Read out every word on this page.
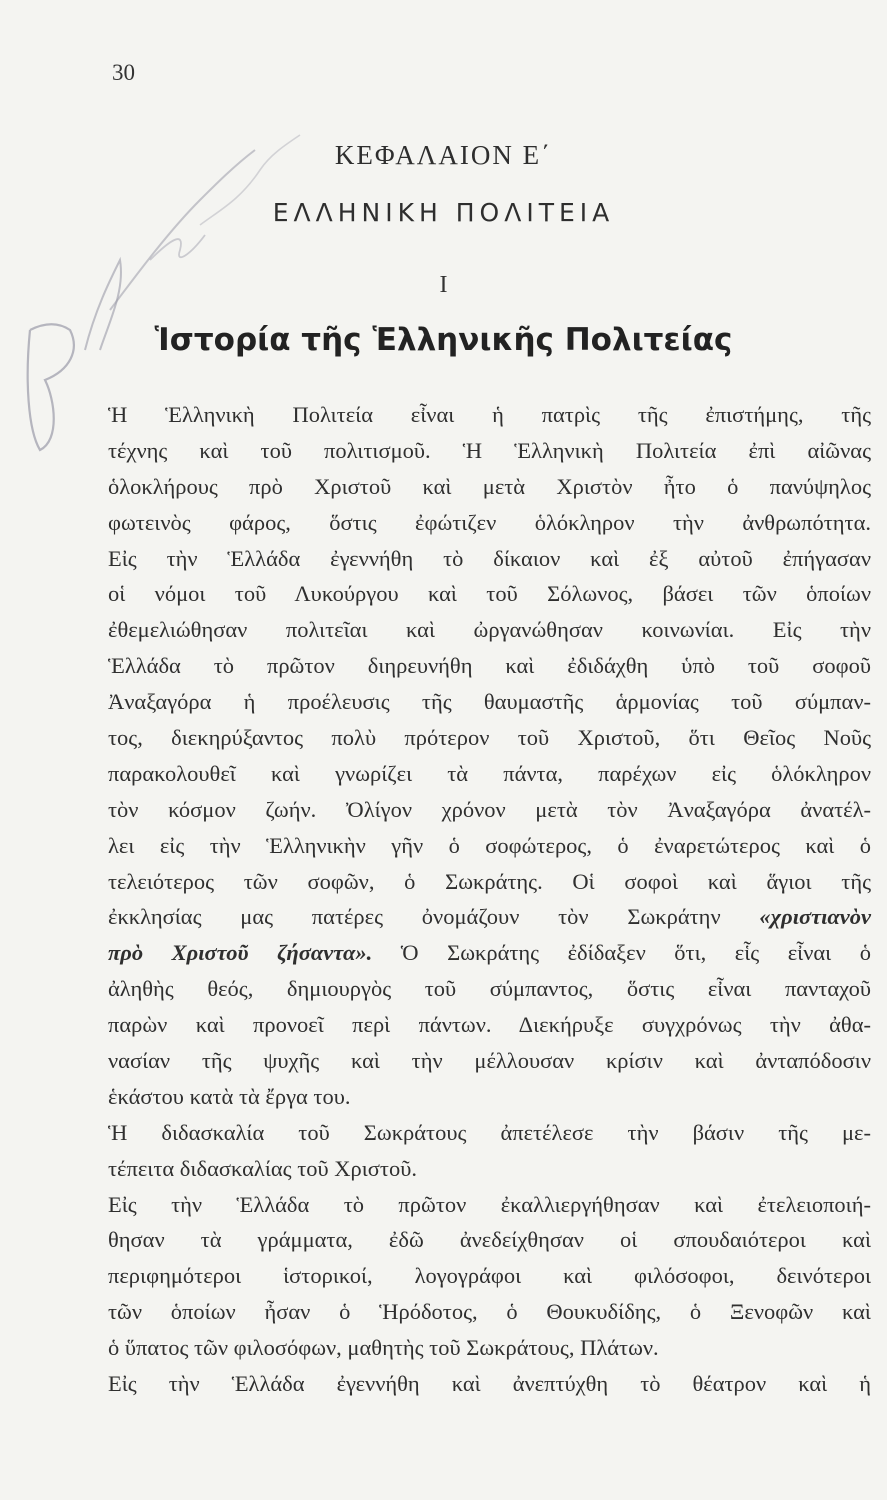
30
ΚΕΦΑΛΑΙΟΝ Ε΄
ΕΛΛΗΝΙΚΗ ΠΟΛΙΤΕΙΑ
I
Ἱστορία τῆς Ἑλληνικῆς Πολιτείας
Ἡ Ἑλληνικὴ Πολιτεία εἶναι ἡ πατρὶς τῆς ἐπιστήμης, τῆς
τέχνης καὶ τοῦ πολιτισμοῦ. Ἡ Ἑλληνικὴ Πολιτεία ἐπὶ αἰῶνας
ὁλοκλήρους πρὸ Χριστοῦ καὶ μετὰ Χριστὸν ἦτο ὁ πανύψηλος
φωτεινὸς φάρος, ὅστις ἐφώτιζεν ὁλόκληρον τὴν ἀνθρωπότητα.
Εἰς τὴν Ἑλλάδα ἐγεννήθη τὸ δίκαιον καὶ ἐξ αὐτοῦ ἐπήγασαν
οἱ νόμοι τοῦ Λυκούργου καὶ τοῦ Σόλωνος, βάσει τῶν ὁποίων
ἐθεμελιώθησαν πολιτεῖαι καὶ ὠργανώθησαν κοινωνίαι. Εἰς τὴν
Ἑλλάδα τὸ πρῶτον διηρευνήθη καὶ ἐδιδάχθη ὑπὸ τοῦ σοφοῦ
Ἀναξαγόρα ἡ προέλευσις τῆς θαυμαστῆς ἁρμονίας τοῦ σύμπαν-
τος, διεκηρύξαντος πολὺ πρότερον τοῦ Χριστοῦ, ὅτι Θεῖος Νοῦς
παρακολουθεῖ καὶ γνωρίζει τὰ πάντα, παρέχων εἰς ὁλόκληρον
τὸν κόσμον ζωήν. Ὀλίγον χρόνον μετὰ τὸν Ἀναξαγόρα ἀνατέλ-
λει εἰς τὴν Ἑλληνικὴν γῆν ὁ σοφώτερος, ὁ ἐναρετώτερος καὶ ὁ
τελειότερος τῶν σοφῶν, ὁ Σωκράτης. Οἱ σοφοὶ καὶ ἅγιοι τῆς
ἐκκλησίας μας πατέρες ὀνομάζουν τὸν Σωκράτην «χριστιανὸν
πρὸ Χριστοῦ ζήσαντα». Ὁ Σωκράτης ἐδίδαξεν ὅτι, εἷς εἶναι ὁ
ἀληθὴς θεός, δημιουργὸς τοῦ σύμπαντος, ὅστις εἶναι πανταχοῦ
παρὼν καὶ προνοεῖ περὶ πάντων. Διεκήρυξε συγχρόνως τὴν ἀθα-
νασίαν τῆς ψυχῆς καὶ τὴν μέλλουσαν κρίσιν καὶ ἀνταπόδοσιν
ἑκάστου κατὰ τὰ ἔργα του.
Ἡ διδασκαλία τοῦ Σωκράτους ἀπετέλεσε τὴν βάσιν τῆς με-
τέπειτα διδασκαλίας τοῦ Χριστοῦ.
Εἰς τὴν Ἑλλάδα τὸ πρῶτον ἐκαλλιεργήθησαν καὶ ἐτελειοποιή-
θησαν τὰ γράμματα, ἐδῶ ἀνεδείχθησαν οἱ σπουδαιότεροι καὶ
περιφημότεροι ἱστορικοί, λογογράφοι καὶ φιλόσοφοι, δεινότεροι
τῶν ὁποίων ἦσαν ὁ Ἡρόδοτος, ὁ Θουκυδίδης, ὁ Ξενοφῶν καὶ
ὁ ὕπατος τῶν φιλοσόφων, μαθητὴς τοῦ Σωκράτους, Πλάτων.
Εἰς τὴν Ἑλλάδα ἐγεννήθη καὶ ἀνεπτύχθη τὸ θέατρον καὶ ἡ
